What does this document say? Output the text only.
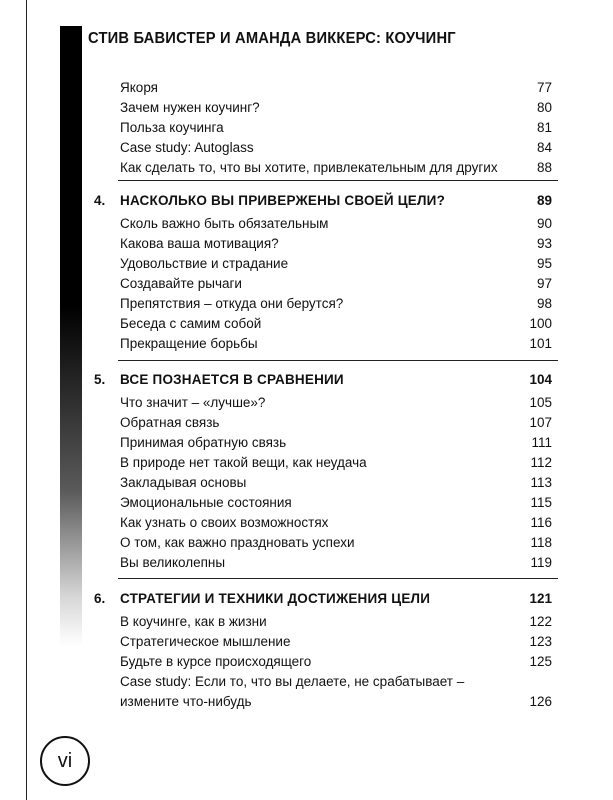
СТИВ БАВИСТЕР И АМАНДА ВИККЕРС: КОУЧИНГ
Якоря	77
Зачем нужен коучинг?	80
Польза коучинга	81
Case study: Autoglass	84
Как сделать то, что вы хотите, привлекательным для других	88
4. НАСКОЛЬКО ВЫ ПРИВЕРЖЕНЫ СВОЕЙ ЦЕЛИ?	89
Сколь важно быть обязательным	90
Какова ваша мотивация?	93
Удовольствие и страдание	95
Создавайте рычаги	97
Препятствия – откуда они берутся?	98
Беседа с самим собой	100
Прекращение борьбы	101
5. ВСЕ ПОЗНАЕТСЯ В СРАВНЕНИИ	104
Что значит – «лучше»?	105
Обратная связь	107
Принимая обратную связь	111
В природе нет такой вещи, как неудача	112
Закладывая основы	113
Эмоциональные состояния	115
Как узнать о своих возможностях	116
О том, как важно праздновать успехи	118
Вы великолепны	119
6. СТРАТЕГИИ И ТЕХНИКИ ДОСТИЖЕНИЯ ЦЕЛИ	121
В коучинге, как в жизни	122
Стратегическое мышление	123
Будьте в курсе происходящего	125
Case study: Если то, что вы делаете, не срабатывает –
измените что-нибудь	126
vi
